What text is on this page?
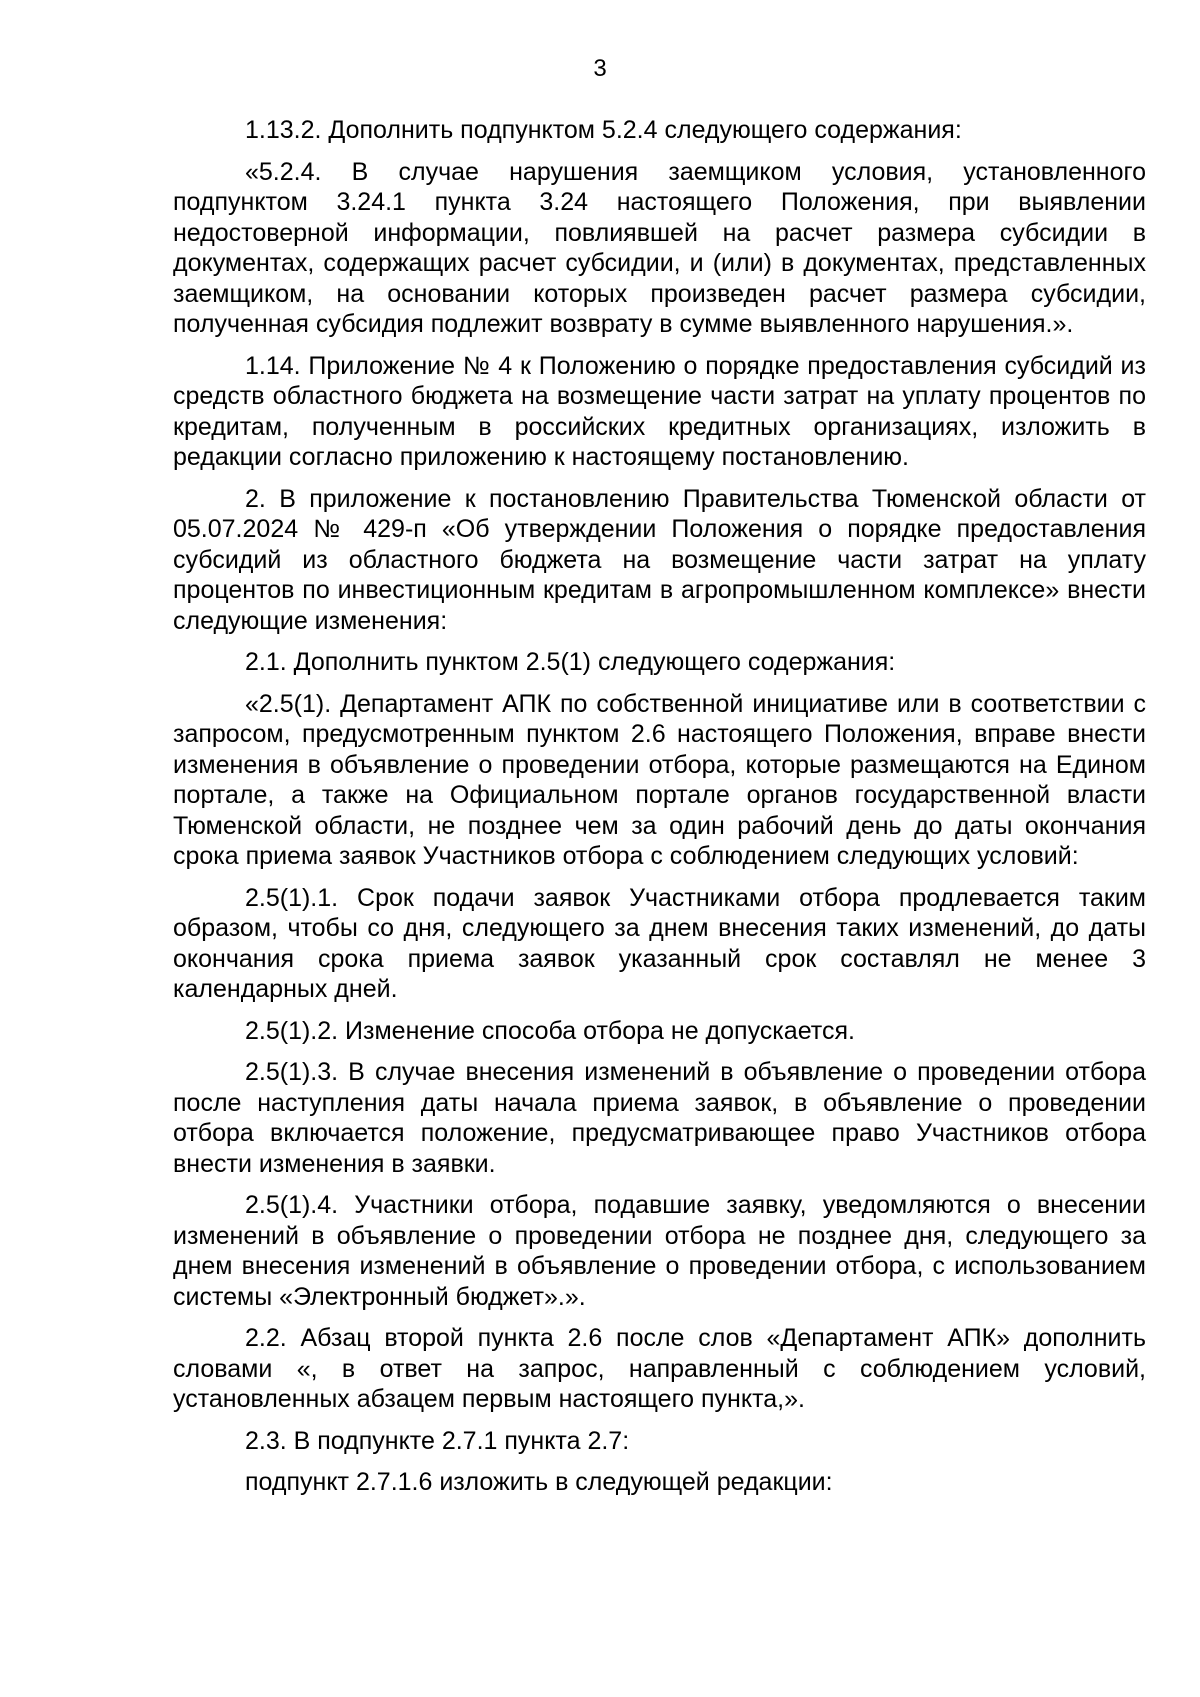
3

1.13.2. Дополнить подпунктом 5.2.4 следующего содержания:

«5.2.4. В случае нарушения заемщиком условия, установленного подпунктом 3.24.1 пункта 3.24 настоящего Положения, при выявлении недостоверной информации, повлиявшей на расчет размера субсидии в документах, содержащих расчет субсидии, и (или) в документах, представленных заемщиком, на основании которых произведен расчет размера субсидии, полученная субсидия подлежит возврату в сумме выявленного нарушения.».

1.14. Приложение № 4 к Положению о порядке предоставления субсидий из средств областного бюджета на возмещение части затрат на уплату процентов по кредитам, полученным в российских кредитных организациях, изложить в редакции согласно приложению к настоящему постановлению.

2. В приложение к постановлению Правительства Тюменской области от 05.07.2024 № 429-п «Об утверждении Положения о порядке предоставления субсидий из областного бюджета на возмещение части затрат на уплату процентов по инвестиционным кредитам в агропромышленном комплексе» внести следующие изменения:

2.1. Дополнить пунктом 2.5(1) следующего содержания:

«2.5(1). Департамент АПК по собственной инициативе или в соответствии с запросом, предусмотренным пунктом 2.6 настоящего Положения, вправе внести изменения в объявление о проведении отбора, которые размещаются на Едином портале, а также на Официальном портале органов государственной власти Тюменской области, не позднее чем за один рабочий день до даты окончания срока приема заявок Участников отбора с соблюдением следующих условий:

2.5(1).1. Срок подачи заявок Участниками отбора продлевается таким образом, чтобы со дня, следующего за днем внесения таких изменений, до даты окончания срока приема заявок указанный срок составлял не менее 3 календарных дней.

2.5(1).2. Изменение способа отбора не допускается.

2.5(1).3. В случае внесения изменений в объявление о проведении отбора после наступления даты начала приема заявок, в объявление о проведении отбора включается положение, предусматривающее право Участников отбора внести изменения в заявки.

2.5(1).4. Участники отбора, подавшие заявку, уведомляются о внесении изменений в объявление о проведении отбора не позднее дня, следующего за днем внесения изменений в объявление о проведении отбора, с использованием системы «Электронный бюджет».».

2.2. Абзац второй пункта 2.6 после слов «Департамент АПК» дополнить словами «, в ответ на запрос, направленный с соблюдением условий, установленных абзацем первым настоящего пункта,».

2.3. В подпункте 2.7.1 пункта 2.7:

подпункт 2.7.1.6 изложить в следующей редакции:
